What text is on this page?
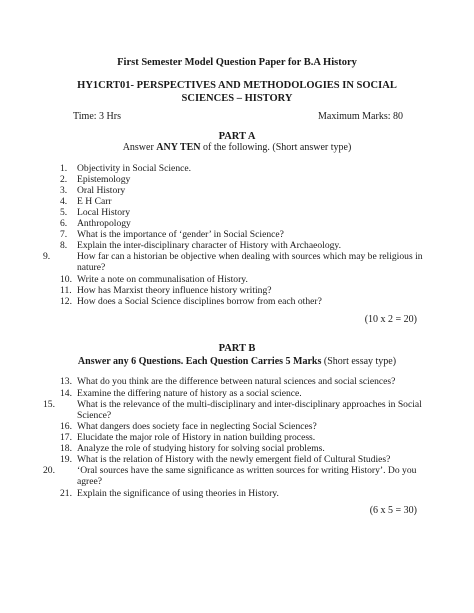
First Semester Model Question Paper for B.A History
HY1CRT01- PERSPECTIVES AND METHODOLOGIES IN SOCIAL
SCIENCES – HISTORY
Time: 3 Hrs	Maximum Marks: 80
PART A
Answer ANY TEN of the following. (Short answer type)
1. Objectivity in Social Science.
2. Epistemology
3. Oral History
4. E H Carr
5. Local History
6. Anthropology
7. What is the importance of ‘gender’ in Social Science?
8. Explain the inter-disciplinary character of History with Archaeology.
9.	How far can a historian be objective when dealing with sources which may be religious in nature?
10. Write a note on communalisation of History.
11. How has Marxist theory influence history writing?
12. How does a Social Science disciplines borrow from each other?
(10 x 2 = 20)
PART B
Answer any 6 Questions. Each Question Carries 5 Marks (Short essay type)
13. What do you think are the difference between natural sciences and social sciences?
14. Examine the differing nature of history as a social science.
15. What is the relevance of the multi-disciplinary and inter-disciplinary approaches in Social Science?
16. What dangers does society face in neglecting Social Sciences?
17. Elucidate the major role of History in nation building process.
18. Analyze the role of studying history for solving social problems.
19. What is the relation of History with the newly emergent field of Cultural Studies?
20. ‘Oral sources have the same significance as written sources for writing History’. Do you agree?
21. Explain the significance of using theories in History.
(6 x 5 = 30)
